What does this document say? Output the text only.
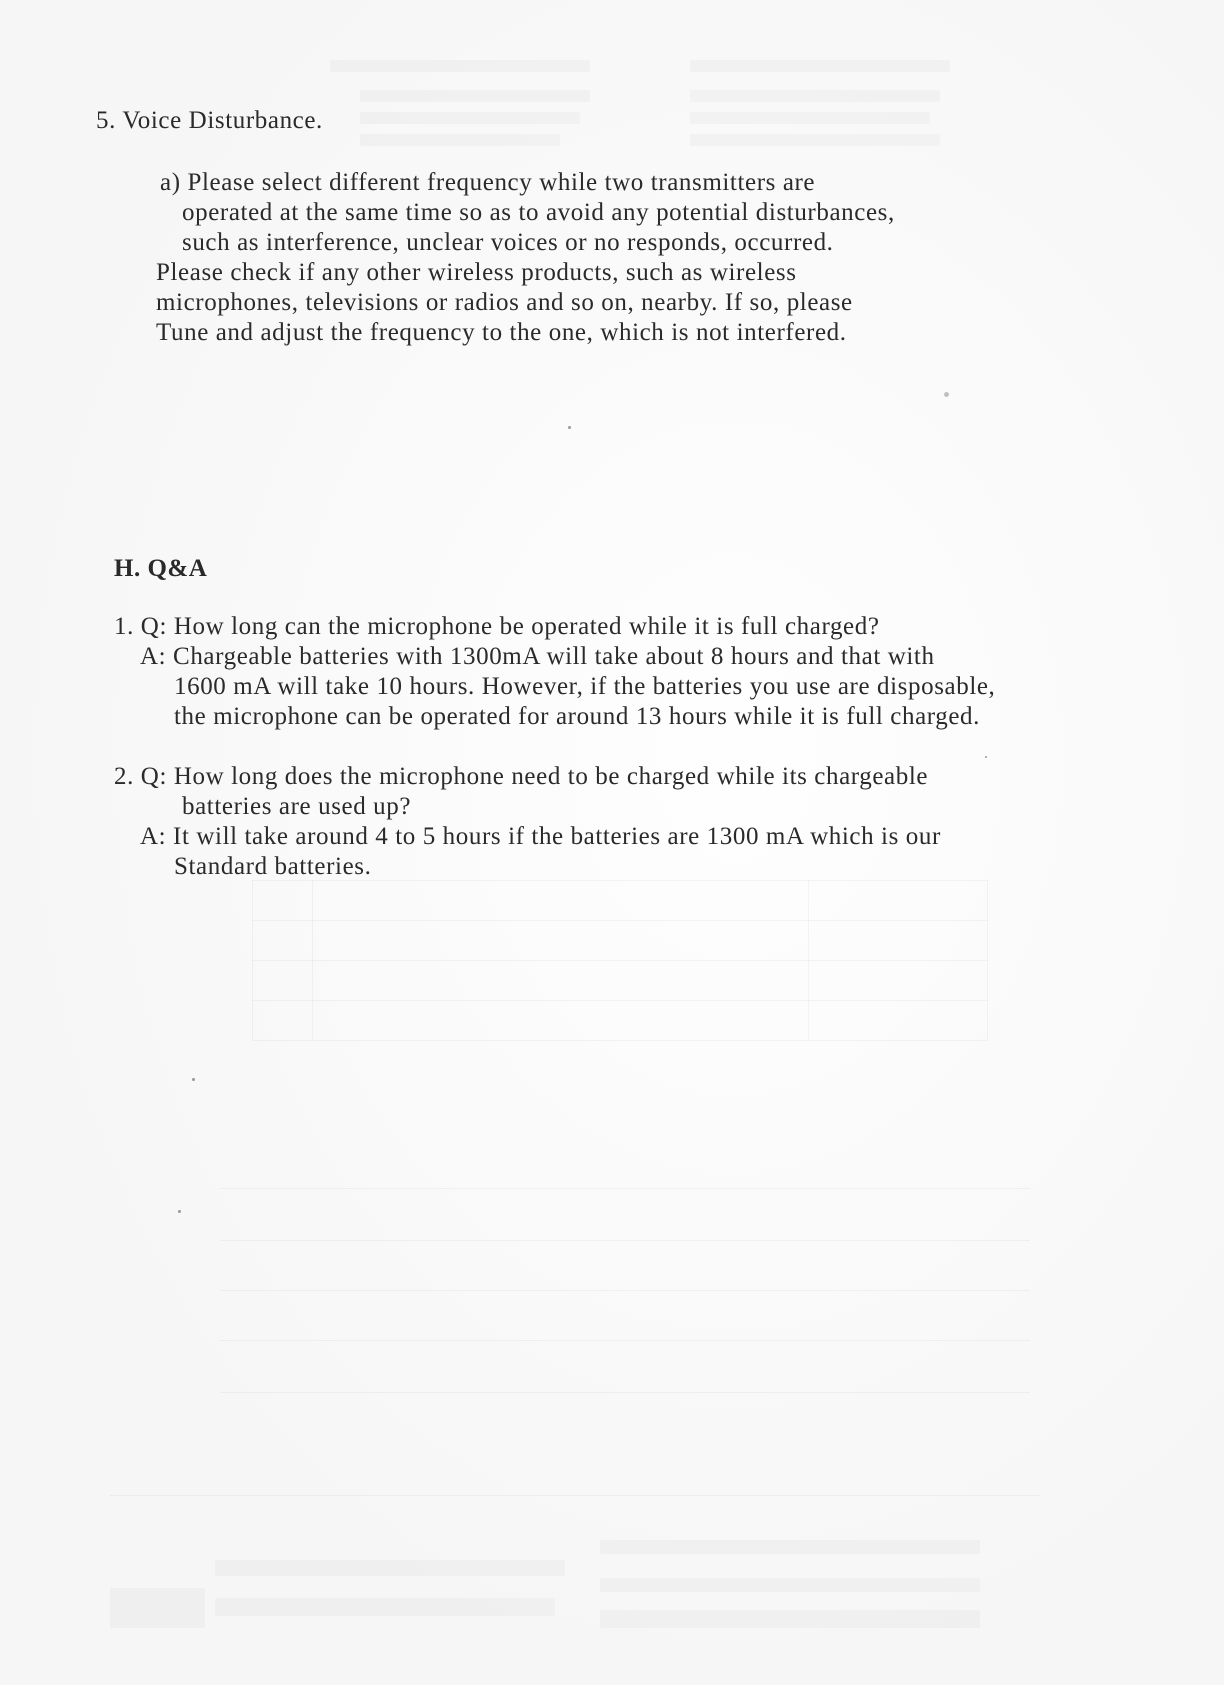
5. Voice Disturbance.
a) Please select different frequency while two transmitters are
operated at the same time so as to avoid any potential disturbances,
such as interference, unclear voices or no responds, occurred.
Please check if any other wireless products, such as wireless
microphones, televisions or radios and so on, nearby. If so, please
Tune and adjust the frequency to the one, which is not interfered.
H. Q&A
1. Q: How long can the microphone be operated while it is full charged?
A: Chargeable batteries with 1300mA will take about 8 hours and that with
1600 mA will take 10 hours. However, if the batteries you use are disposable,
the microphone can be operated for around 13 hours while it is full charged.
2. Q: How long does the microphone need to be charged while its chargeable
batteries are used up?
A: It will take around 4 to 5 hours if the batteries are 1300 mA which is our
Standard batteries.
